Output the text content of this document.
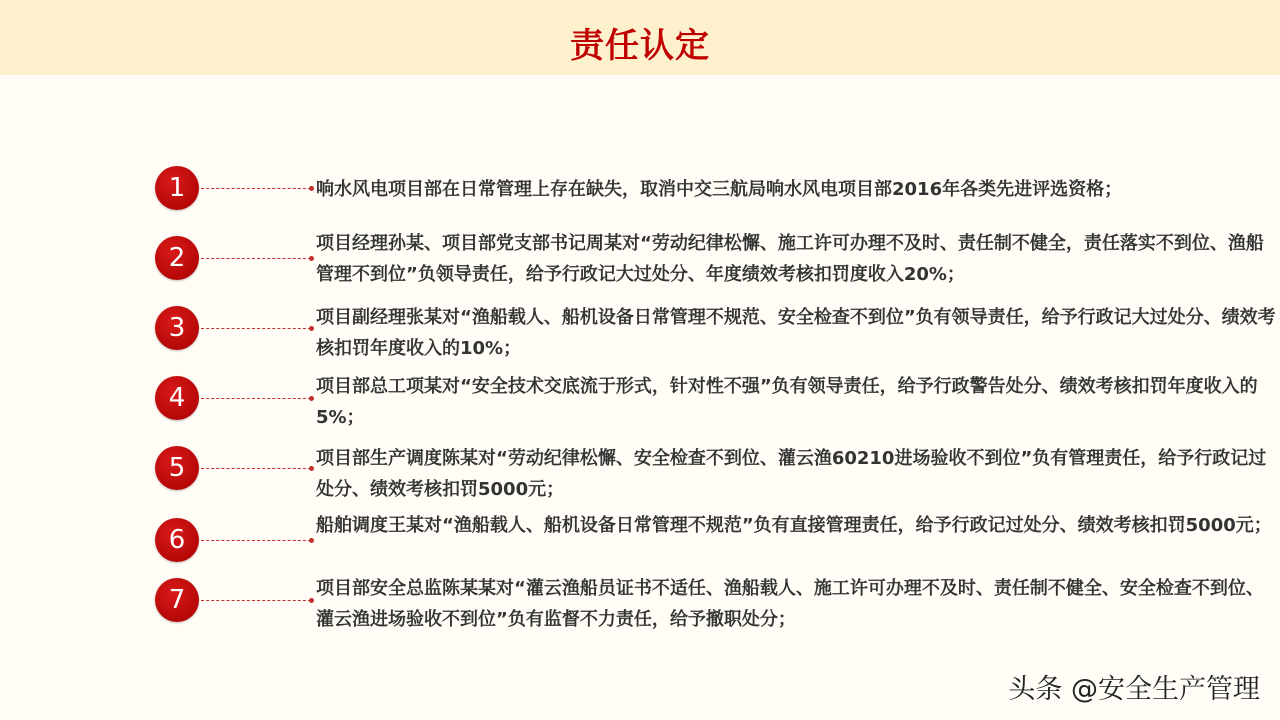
责任认定
1	响水风电项目部在日常管理上存在缺失，取消中交三航局响水风电项目部2016年各类先进评选资格；
2	项目经理孙某、项目部党支部书记周某对“劳动纪律松懈、施工许可办理不及时、责任制不健全，责任落实不到位、渔船管理不到位”负领导责任，给予行政记大过处分、年度绩效考核扣罚度收入20%；
3	项目副经理张某对“渔船载人、船机设备日常管理不规范、安全检查不到位”负有领导责任，给予行政记大过处分、绩效考核扣罚年度收入的10%；
4	项目部总工项某对“安全技术交底流于形式，针对性不强”负有领导责任，给予行政警告处分、绩效考核扣罚年度收入的5%；
5	项目部生产调度陈某对“劳动纪律松懈、安全检查不到位、灌云渔60210进场验收不到位”负有管理责任，给予行政记过处分、绩效考核扣罚5000元；
6	船舶调度王某对“渔船载人、船机设备日常管理不规范”负有直接管理责任，给予行政记过处分、绩效考核扣罚5000元；
7	项目部安全总监陈某某对“灌云渔船员证书不适任、渔船载人、施工许可办理不及时、责任制不健全、安全检查不到位、灌云渔进场验收不到位”负有监督不力责任，给予撤职处分；
头条 @安全生产管理
